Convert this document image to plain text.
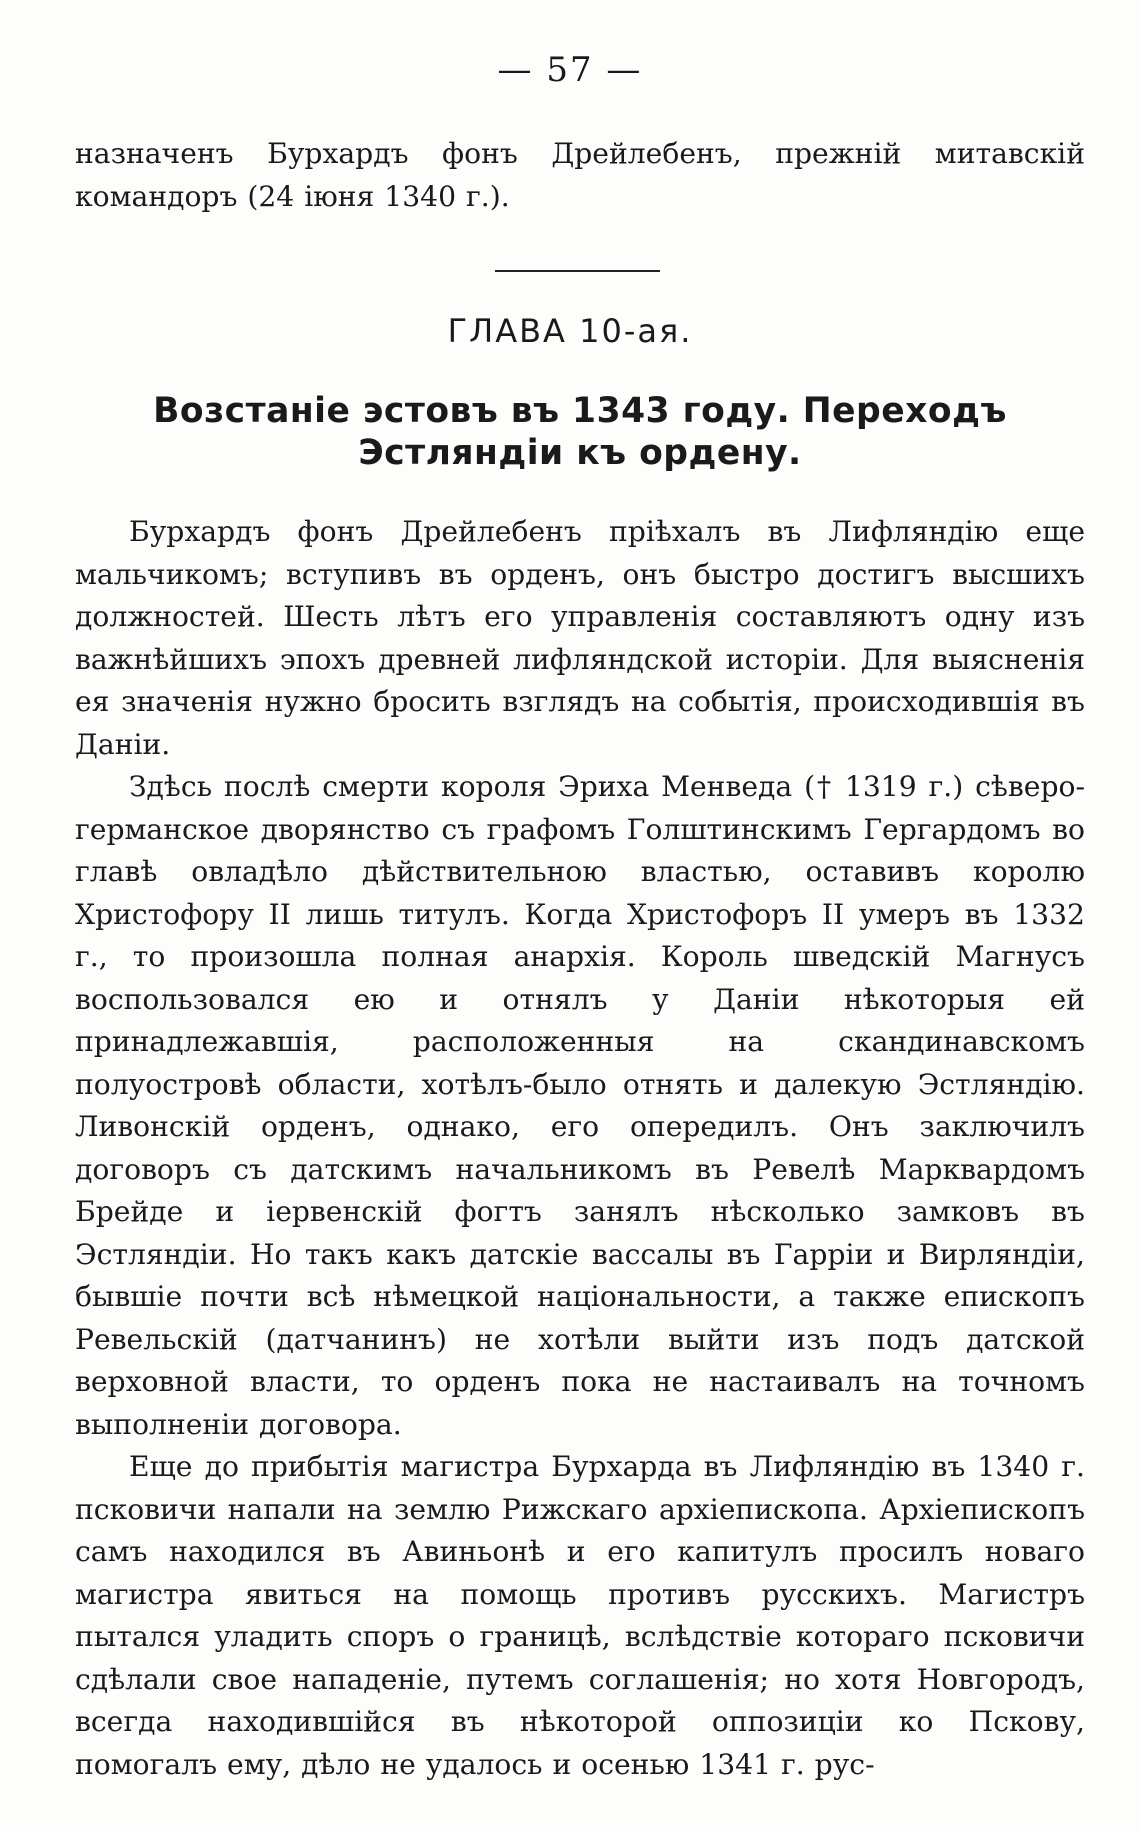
— 57 —

назначенъ Бурхардъ фонъ Дрейлебенъ, прежній митавскій командоръ (24 іюня 1340 г.).

ГЛАВА 10-ая.
Возстаніе эстовъ въ 1343 году. Переходъ
Эстляндіи къ ордену.

Бурхардъ фонъ Дрейлебенъ пріѣхалъ въ Лифляндію еще мальчикомъ; вступивъ въ орденъ, онъ быстро достигъ высшихъ должностей. Шесть лѣтъ его управленія составляютъ одну изъ важнѣйшихъ эпохъ древней лифляндской исторіи. Для выясненія ея значенія нужно бросить взглядъ на событія, происходившія въ Даніи.

Здѣсь послѣ смерти короля Эриха Менведа († 1319 г.) сѣверо-германское дворянство съ графомъ Голштинскимъ Гергардомъ во главѣ овладѣло дѣйствительною властью, оставивъ королю Христофору II лишь титулъ. Когда Христофоръ II умеръ въ 1332 г., то произошла полная анархія. Король шведскій Магнусъ воспользовался ею и отнялъ у Даніи нѣкоторыя ей принадлежавшія, расположенныя на скандинавскомъ полуостровѣ области, хотѣлъ-было отнять и далекую Эстляндію. Ливонскій орденъ, однако, его опередилъ. Онъ заключилъ договоръ съ датскимъ начальникомъ въ Ревелѣ Марквардомъ Брейде и іервенскій фогтъ занялъ нѣсколько замковъ въ Эстляндіи. Но такъ какъ датскіе вассалы въ Гарріи и Вирляндіи, бывшіе почти всѣ нѣмецкой національности, а также епископъ Ревельскій (датчанинъ) не хотѣли выйти изъ подъ датской верховной власти, то орденъ пока не настаивалъ на точномъ выполненіи договора.

Еще до прибытія магистра Бурхарда въ Лифляндію въ 1340 г. псковичи напали на землю Рижскаго архіепископа. Архіепископъ самъ находился въ Авиньонѣ и его капитулъ просилъ новаго магистра явиться на помощь противъ русскихъ. Магистръ пытался уладить споръ о границѣ, вслѣдствіе котораго псковичи сдѣлали свое нападеніе, путемъ соглашенія; но хотя Новгородъ, всегда находившійся въ нѣкоторой оппозиціи ко Пскову, помогалъ ему, дѣло не удалось и осенью 1341 г. рус-
